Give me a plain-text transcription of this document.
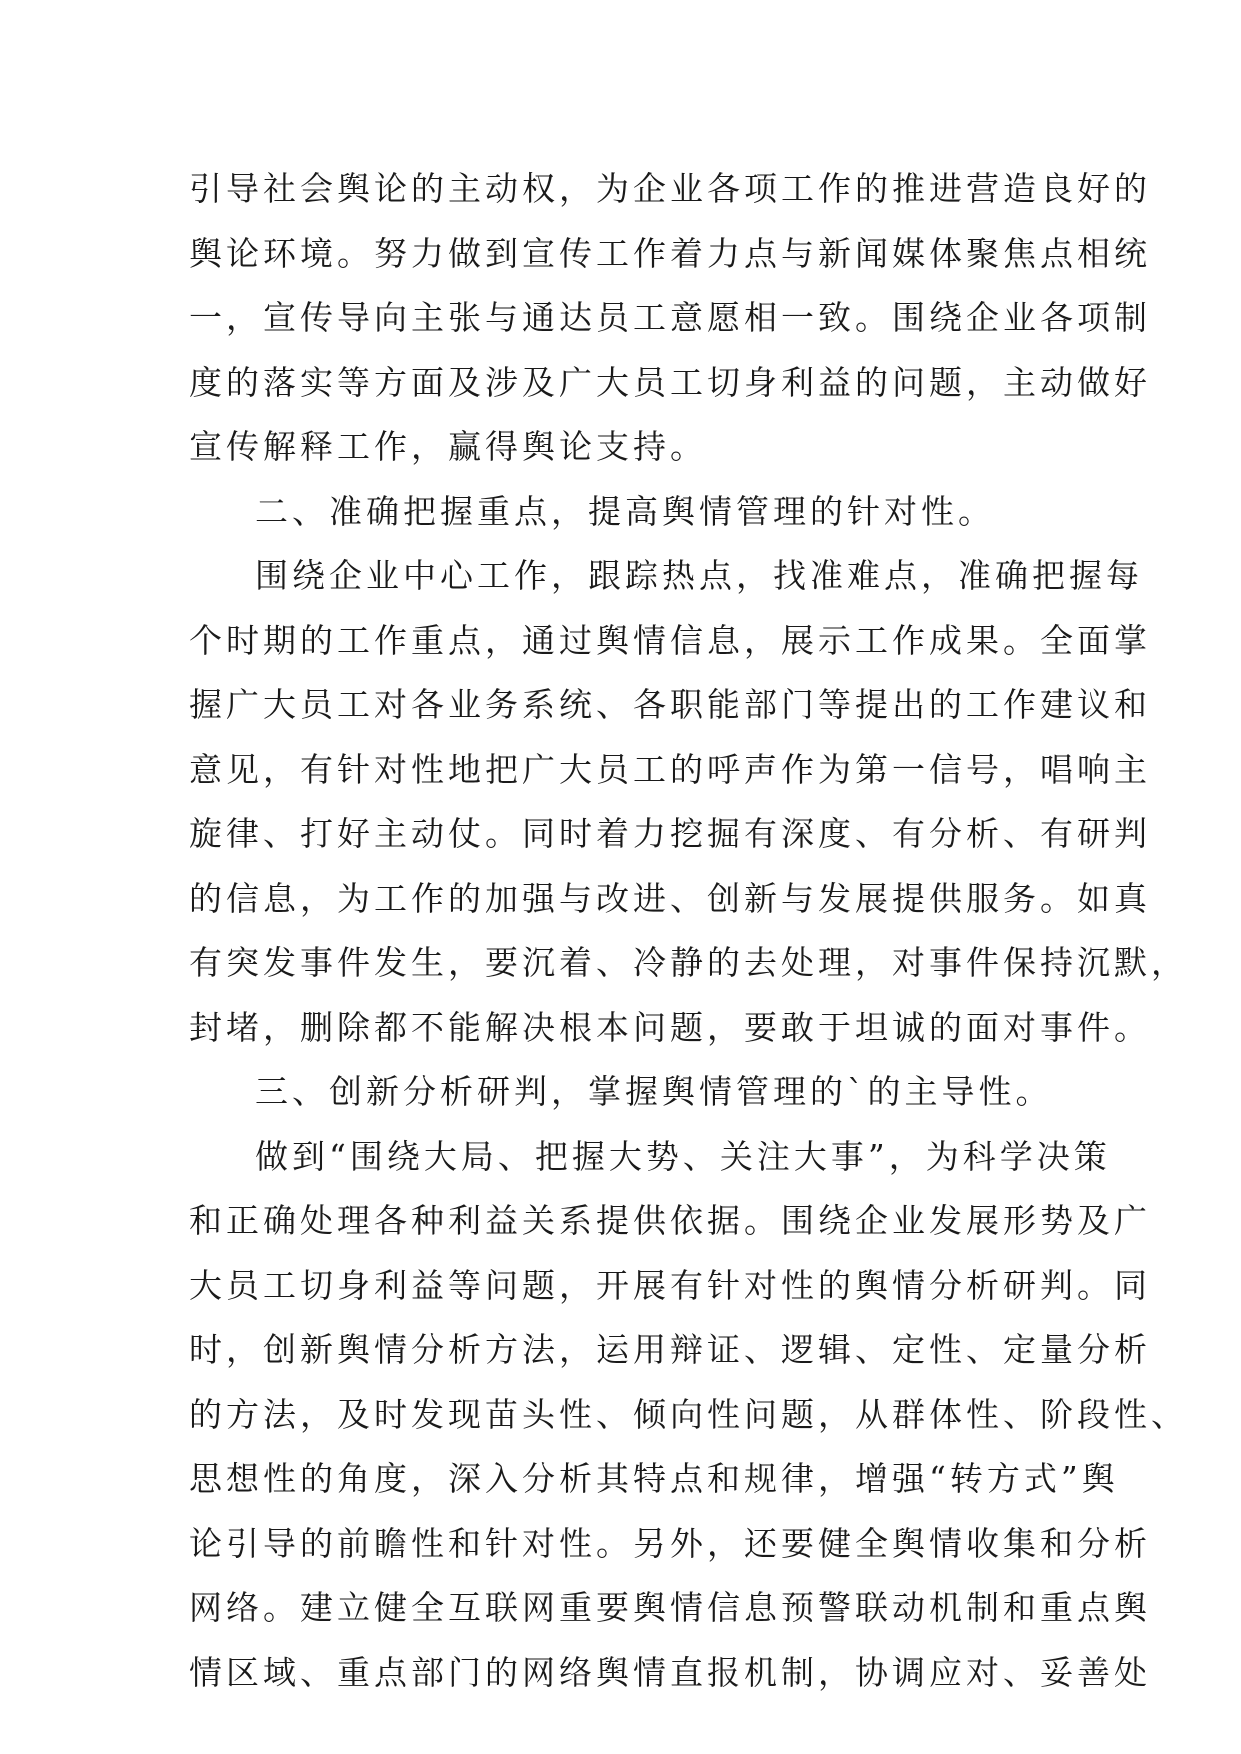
引导社会舆论的主动权，为企业各项工作的推进营造良好的
舆论环境。努力做到宣传工作着力点与新闻媒体聚焦点相统
一，宣传导向主张与通达员工意愿相一致。围绕企业各项制
度的落实等方面及涉及广大员工切身利益的问题，主动做好
宣传解释工作，赢得舆论支持。
二、准确把握重点，提高舆情管理的针对性。
围绕企业中心工作，跟踪热点，找准难点，准确把握每
个时期的工作重点，通过舆情信息，展示工作成果。全面掌
握广大员工对各业务系统、各职能部门等提出的工作建议和
意见，有针对性地把广大员工的呼声作为第一信号，唱响主
旋律、打好主动仗。同时着力挖掘有深度、有分析、有研判
的信息，为工作的加强与改进、创新与发展提供服务。如真
有突发事件发生，要沉着、冷静的去处理，对事件保持沉默，
封堵，删除都不能解决根本问题，要敢于坦诚的面对事件。
三、创新分析研判，掌握舆情管理的`的主导性。
做到“围绕大局、把握大势、关注大事”，为科学决策
和正确处理各种利益关系提供依据。围绕企业发展形势及广
大员工切身利益等问题，开展有针对性的舆情分析研判。同
时，创新舆情分析方法，运用辩证、逻辑、定性、定量分析
的方法，及时发现苗头性、倾向性问题，从群体性、阶段性、
思想性的角度，深入分析其特点和规律，增强“转方式”舆
论引导的前瞻性和针对性。另外，还要健全舆情收集和分析
网络。建立健全互联网重要舆情信息预警联动机制和重点舆
情区域、重点部门的网络舆情直报机制，协调应对、妥善处
